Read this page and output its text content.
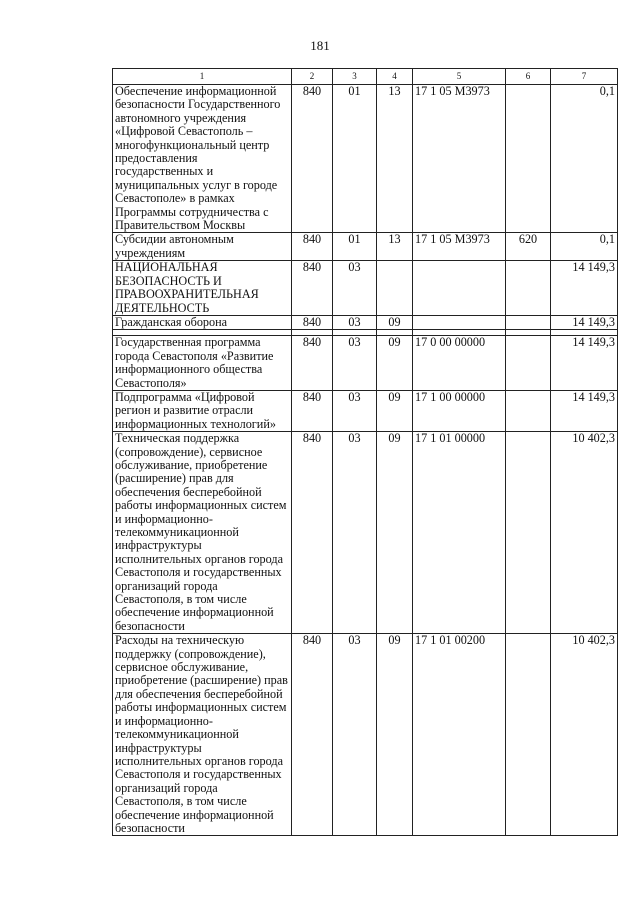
181
1	2	3	4	5	6	7
Обеспечение информационной безопасности Государственного автономного учреждения «Цифровой Севастополь – многофункциональный центр предоставления государственных и муниципальных услуг в городе Севастополе» в рамках Программы сотрудничества с Правительством Москвы	840	01	13	17 1 05 М3973		0,1
Субсидии автономным учреждениям	840	01	13	17 1 05 М3973	620	0,1
НАЦИОНАЛЬНАЯ БЕЗОПАСНОСТЬ И ПРАВООХРАНИТЕЛЬНАЯ ДЕЯТЕЛЬНОСТЬ	840	03				14 149,3
Гражданская оборона	840	03	09			14 149,3

Государственная программа города Севастополя «Развитие информационного общества Севастополя»	840	03	09	17 0 00 00000		14 149,3
Подпрограмма «Цифровой регион и развитие отрасли информационных технологий»	840	03	09	17 1 00 00000		14 149,3
Техническая поддержка (сопровождение), сервисное обслуживание, приобретение (расширение) прав для обеспечения бесперебойной работы информационных систем и информационно-телекоммуникационной инфраструктуры исполнительных органов города Севастополя и государственных организаций города Севастополя, в том числе обеспечение информационной безопасности	840	03	09	17 1 01 00000		10 402,3
Расходы на техническую поддержку (сопровождение), сервисное обслуживание, приобретение (расширение) прав для обеспечения бесперебойной работы информационных систем и информационно-телекоммуникационной инфраструктуры исполнительных органов города Севастополя и государственных организаций города Севастополя, в том числе обеспечение информационной безопасности	840	03	09	17 1 01 00200		10 402,3
